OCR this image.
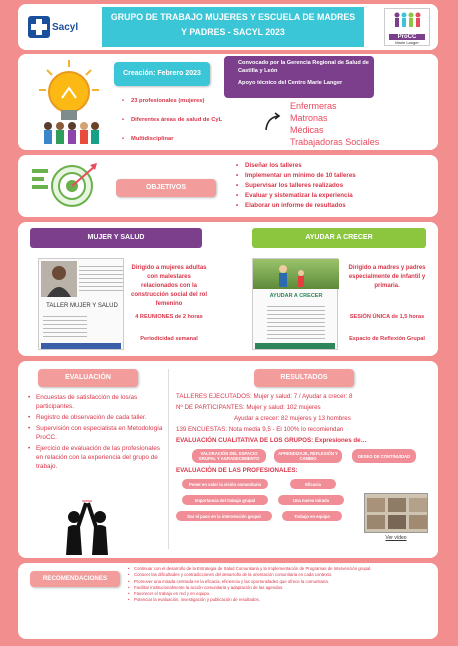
Sacyl
GRUPO DE TRABAJO MUJERES Y ESCUELA DE MADRES
Y PADRES - SACYL 2023	ProCC
Marie Langer
Creación: Febrero 2023
Convocado por la Gerencia Regional de Salud de Castilla y León
Apoyo técnico del Centro Marie Langer
• 23 profesionales (mujeres)
• Diferentes áreas de salud de CyL
• Multidisciplinar
Enfermeras
Matronas
Médicas
Trabajadoras Sociales
OBJETIVOS
• Diseñar los talleres
• Implementar un mínimo de 10 talleres
• Supervisar los talleres realizados
• Evaluar y sistematizar la experiencia
• Elaborar un informe de resultados
MUJER Y SALUD
TALLER MUJER Y SALUD
Dirigido a mujeres adultas con malestares relacionados con la construcción social del rol femenino
4 REUNIONES de 2 horas
Periodicidad semanal
AYUDAR A CRECER
AYUDAR A CRECER
Dirigido a madres y padres especialmente de infantil y primaria.
SESIÓN ÚNICA de 1,5 horas
Espacio de Reflexión Grupal
EVALUACIÓN
• Encuestas de satisfacción de los/as participantes.
• Registro de observación de cada taller.
• Supervisión con especialista en Metodología ProCC.
• Ejercicio de evaluación de las profesionales en relación con la experiencia del grupo de trabajo.
RESULTADOS
TALLERES EJECUTADOS: Mujer y salud: 7 / Ayudar a crecer: 8
Nº DE PARTICIPANTES: Mujer y salud: 102 mujeres
Ayudar a crecer: 82 mujeres y 13 hombres
139 ENCUESTAS: Nota media 9,5 - El 100% lo recomiendan
EVALUACIÓN CUALITATIVA DE LOS GRUPOS: Expresiones de…
VALORACIÓN DEL ESPACIO GRUPAL Y AGRADECIMIENTO
APRENDIZAJE, REFLEXIÓN Y CAMBIO	DESEO DE CONTINUIDAD
EVALUACIÓN DE LAS PROFESIONALES:
Poner en valor la visión comunitaria	Eficacia
Importancia del trabajo grupal	Una nueva mirada
Dar el paso en la intervención grupal	Trabajo en equipo
Ver vídeo
RECOMENDACIONES
• Continuar con el desarrollo de la Estrategia de Salud Comunitaria y la Implementación de Programas de Intervención grupal.
• Conocer las dificultades y contradicciones del desarrollo de la orientación comunitaria en cada contexto.
• Promover una mirada centrada en la eficacia, eficiencia y las oportunidades que ofrece la comunitaria.
• Facilitar institucionalmente la acción comunitaria y adaptación de las agendas.
• Favorecer el trabajo en red y en equipo.
• Potenciar la evaluación, investigación y publicación de resultados.
